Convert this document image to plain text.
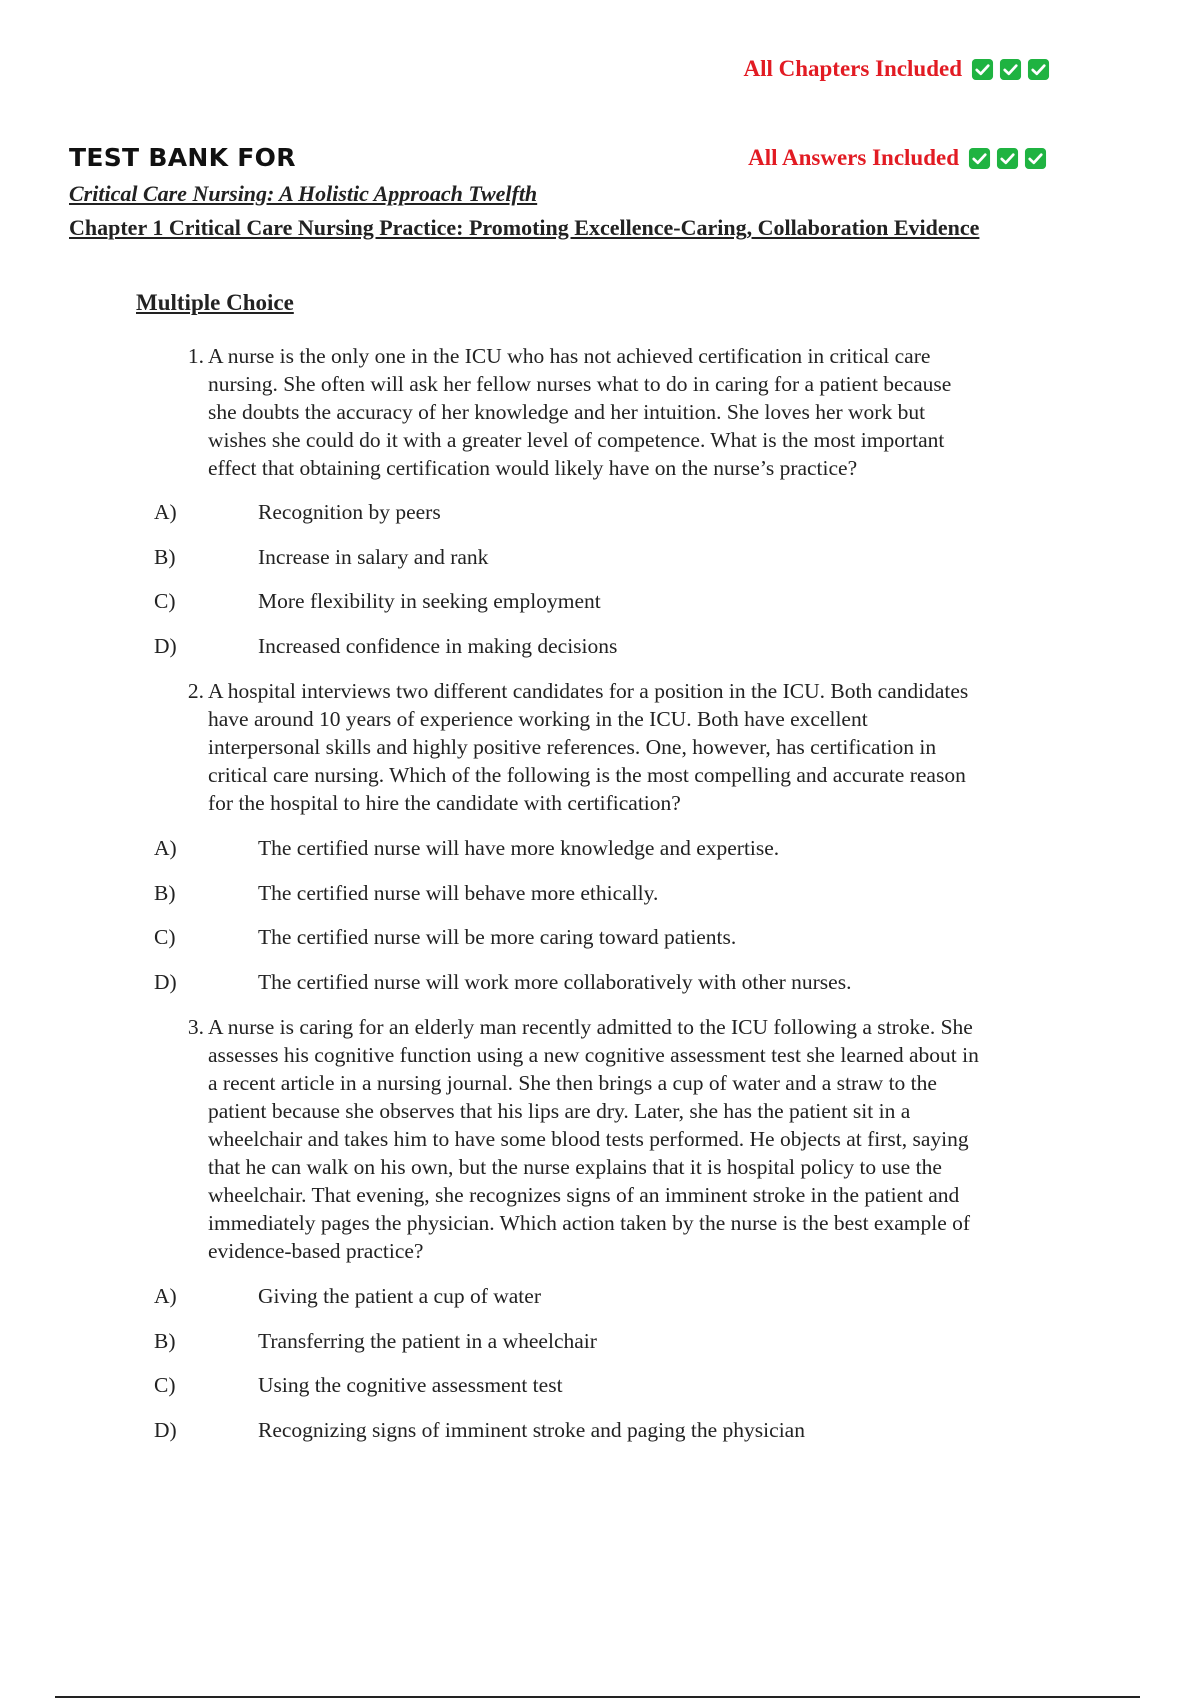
All Chapters Included
All Answers Included
TEST BANK FOR
Critical Care Nursing: A Holistic Approach Twelfth
Chapter 1 Critical Care Nursing Practice: Promoting Excellence-Caring, Collaboration Evidence
Multiple Choice
1. A nurse is the only one in the ICU who has not achieved certification in critical care
nursing. She often will ask her fellow nurses what to do in caring for a patient because
she doubts the accuracy of her knowledge and her intuition. She loves her work but
wishes she could do it with a greater level of competence. What is the most important
effect that obtaining certification would likely have on the nurse’s practice?
A)	Recognition by peers
B)	Increase in salary and rank
C)	More flexibility in seeking employment
D)	Increased confidence in making decisions
2. A hospital interviews two different candidates for a position in the ICU. Both candidates
have around 10 years of experience working in the ICU. Both have excellent
interpersonal skills and highly positive references. One, however, has certification in
critical care nursing. Which of the following is the most compelling and accurate reason
for the hospital to hire the candidate with certification?
A)	The certified nurse will have more knowledge and expertise.
B)	The certified nurse will behave more ethically.
C)	The certified nurse will be more caring toward patients.
D)	The certified nurse will work more collaboratively with other nurses.
3. A nurse is caring for an elderly man recently admitted to the ICU following a stroke. She
assesses his cognitive function using a new cognitive assessment test she learned about in
a recent article in a nursing journal. She then brings a cup of water and a straw to the
patient because she observes that his lips are dry. Later, she has the patient sit in a
wheelchair and takes him to have some blood tests performed. He objects at first, saying
that he can walk on his own, but the nurse explains that it is hospital policy to use the
wheelchair. That evening, she recognizes signs of an imminent stroke in the patient and
immediately pages the physician. Which action taken by the nurse is the best example of
evidence-based practice?
A)	Giving the patient a cup of water
B)	Transferring the patient in a wheelchair
C)	Using the cognitive assessment test
D)	Recognizing signs of imminent stroke and paging the physician
